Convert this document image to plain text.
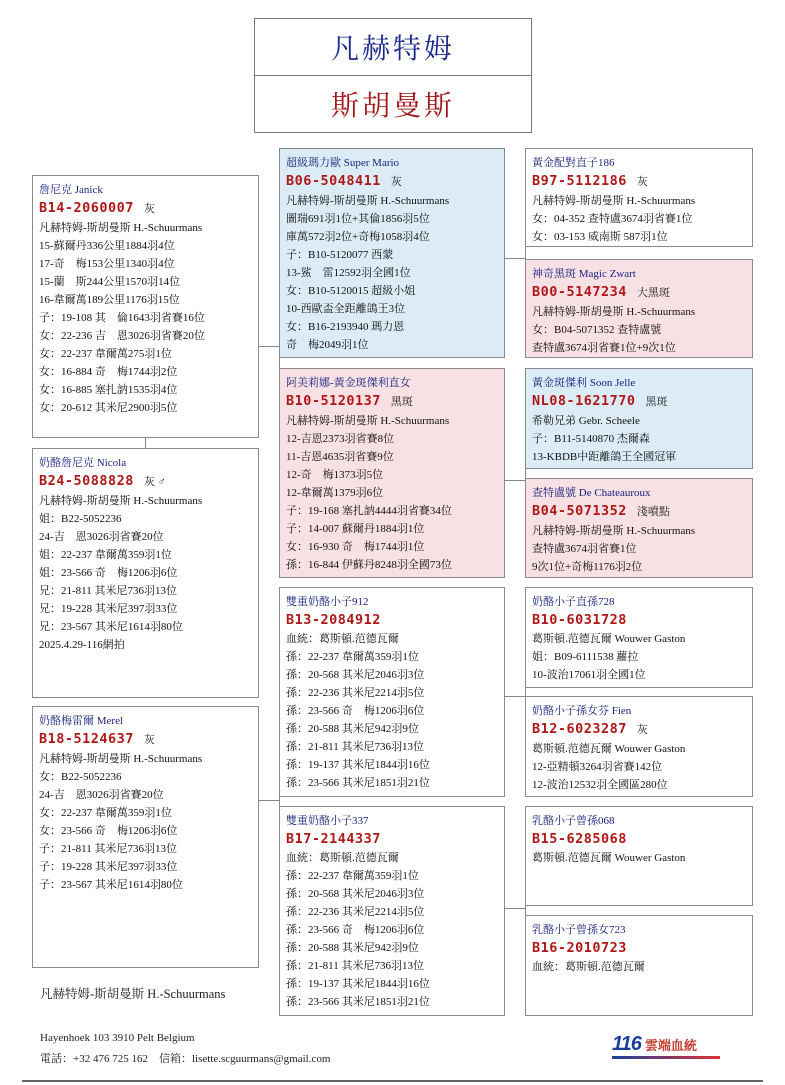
凡赫特姆
斯胡曼斯
詹尼克 Janick
B14-2060007 灰
凡赫特姆-斯胡曼斯 H.-Schuurmans
15-蘇爾丹336公里1884羽4位
17-奇　梅153公里1340羽4位
15-蘭　斯244公里1570羽14位
16-韋爾萬189公里1176羽15位
子：19-108 其　倫1643羽省賽16位
女：22-236 吉　恩3026羽省賽20位
女：22-237 韋爾萬275羽1位
女：16-884 奇　梅1744羽2位
女：16-885 塞扎訥1535羽4位
女：20-612 其米尼2900羽5位
奶酪詹尼克 Nicola
B24-5088828 灰 ♂
凡赫特姆-斯胡曼斯 H.-Schuurmans
姐：B22-5052236
24-吉　恩3026羽省賽20位
姐：22-237 韋爾萬359羽1位
姐：23-566 奇　梅1206羽6位
兄：21-811 其米尼736羽13位
兄：19-228 其米尼397羽33位
兄：23-567 其米尼1614羽80位
2025.4.29-116網拍
奶酪梅雷爾 Merel
B18-5124637 灰
凡赫特姆-斯胡曼斯 H.-Schuurmans
女：B22-5052236
24-吉　恩3026羽省賽20位
女：22-237 韋爾萬359羽1位
女：23-566 奇　梅1206羽6位
子：21-811 其米尼736羽13位
子：19-228 其米尼397羽33位
子：23-567 其米尼1614羽80位
超級瑪力歐 Super Mario
B06-5048411 灰
凡赫特姆-斯胡曼斯 H.-Schuurmans
圖瑞691羽1位+其倫1856羽5位
庫萬572羽2位+奇梅1058羽4位
子：B10-5120077 西蒙
13-鯊　雷12592羽全國1位
女：B10-5120015 超級小姐
10-西歐盃全距離鴿王3位
女：B16-2193940 瑪力恩
奇　梅2049羽1位
阿美莉娜-黃金斑傑利直女
B10-5120137 黑斑
凡赫特姆-斯胡曼斯 H.-Schuurmans
12-吉恩2373羽省賽8位
11-吉恩4635羽省賽9位
12-奇　梅1373羽5位
12-韋爾萬1379羽6位
子：19-168 塞扎訥4444羽省賽34位
子：14-007 蘇爾丹1884羽1位
女：16-930 奇　梅1744羽1位
孫：16-844 伊蘇丹8248羽全國73位
雙重奶酪小子912
B13-2084912
血統：葛斯頓.范德瓦爾
孫：22-237 韋爾萬359羽1位
孫：20-568 其米尼2046羽3位
孫：22-236 其米尼2214羽5位
孫：23-566 奇　梅1206羽6位
孫：20-588 其米尼942羽9位
孫：21-811 其米尼736羽13位
孫：19-137 其米尼1844羽16位
孫：23-566 其米尼1851羽21位
雙重奶酪小子337
B17-2144337
血統：葛斯頓.范德瓦爾
孫：22-237 韋爾萬359羽1位
孫：20-568 其米尼2046羽3位
孫：22-236 其米尼2214羽5位
孫：23-566 奇　梅1206羽6位
孫：20-588 其米尼942羽9位
孫：21-811 其米尼736羽13位
孫：19-137 其米尼1844羽16位
孫：23-566 其米尼1851羽21位
黃金配對直子186
B97-5112186 灰
凡赫特姆-斯胡曼斯 H.-Schuurmans
女：04-352 查特盧3674羽省賽1位
女：03-153 威南斯 587羽1位
神奇黑斑 Magic Zwart
B00-5147234 大黑斑
凡赫特姆-斯胡曼斯 H.-Schuurmans
女：B04-5071352 查特盧號
查特盧3674羽省賽1位+9次1位
黃金斑傑利 Soon Jelle
NL08-1621770 黑斑
希勒兄弟 Gebr. Scheele
子：B11-5140870 杰爾森
13-KBDB中距離鴿王全國冠軍
查特盧號 De Chateauroux
B04-5071352 淺噴點
凡赫特姆-斯胡曼斯 H.-Schuurmans
查特盧3674羽省賽1位
9次1位+奇梅1176羽2位
奶酪小子直孫728
B10-6031728
葛斯頓.范德瓦爾 Wouwer Gaston
姐：B09-6111538 蘿拉
10-波治17061羽全國1位
奶酪小子孫女芬 Fien
B12-6023287 灰
葛斯頓.范德瓦爾 Wouwer Gaston
12-亞精頓3264羽省賽142位
12-波治12532羽全國區280位
乳酪小子曾孫068
B15-6285068
葛斯頓.范德瓦爾 Wouwer Gaston
乳酪小子曾孫女723
B16-2010723
血統：葛斯頓.范德瓦爾
凡赫特姆-斯胡曼斯 H.-Schuurmans
Hayenhoek 103 3910 Pelt Belgium
電話：+32 476 725 162　信箱：lisette.scguurmans@gmail.com
116 雲端血統
